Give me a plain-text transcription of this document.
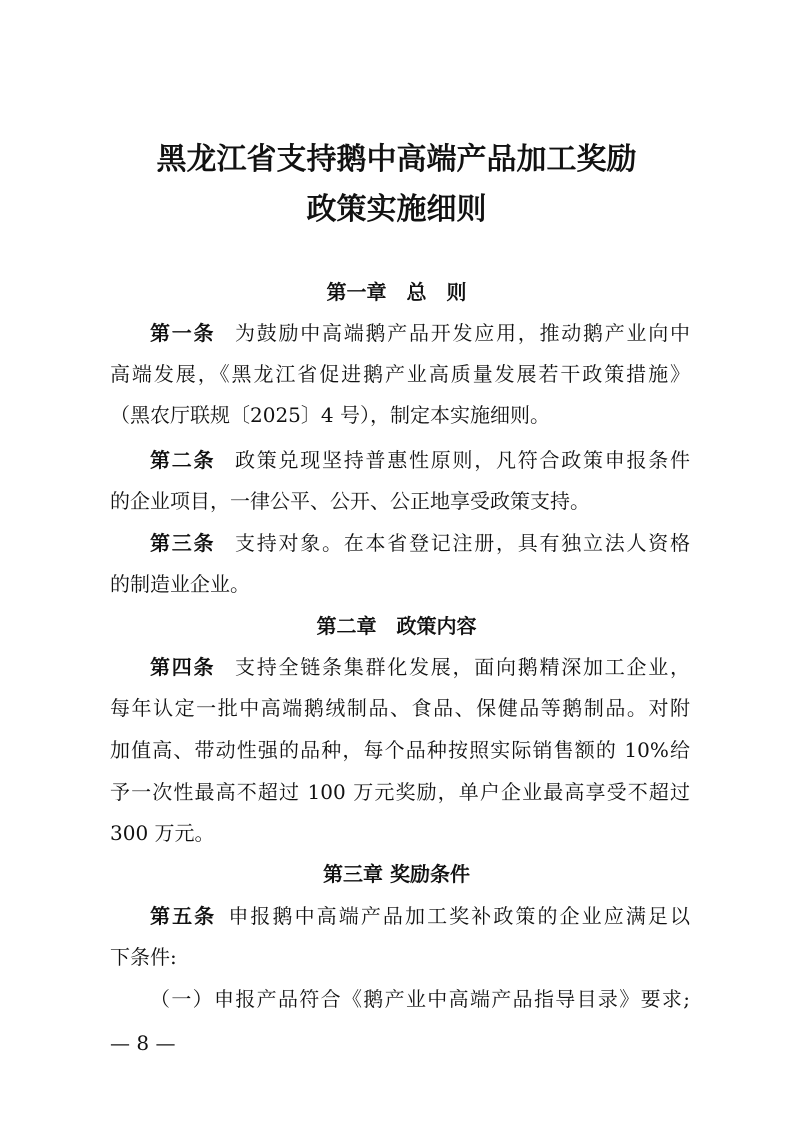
黑龙江省支持鹅中高端产品加工奖励
政策实施细则
第一章　总　则
第一条 为鼓励中高端鹅产品开发应用，推动鹅产业向中
高端发展，《黑龙江省促进鹅产业高质量发展若干政策措施》
（黑农厅联规〔2025〕4 号），制定本实施细则。
第二条 政策兑现坚持普惠性原则，凡符合政策申报条件
的企业项目，一律公平、公开、公正地享受政策支持。
第三条 支持对象。在本省登记注册，具有独立法人资格
的制造业企业。
第二章　政策内容
第四条 支持全链条集群化发展，面向鹅精深加工企业，
每年认定一批中高端鹅绒制品、食品、保健品等鹅制品。对附
加值高、带动性强的品种，每个品种按照实际销售额的 10%给
予一次性最高不超过 100 万元奖励，单户企业最高享受不超过
300 万元。
第三章 奖励条件
第五条 申报鹅中高端产品加工奖补政策的企业应满足以
下条件:
（一）申报产品符合《鹅产业中高端产品指导目录》要求;
— 8 —
